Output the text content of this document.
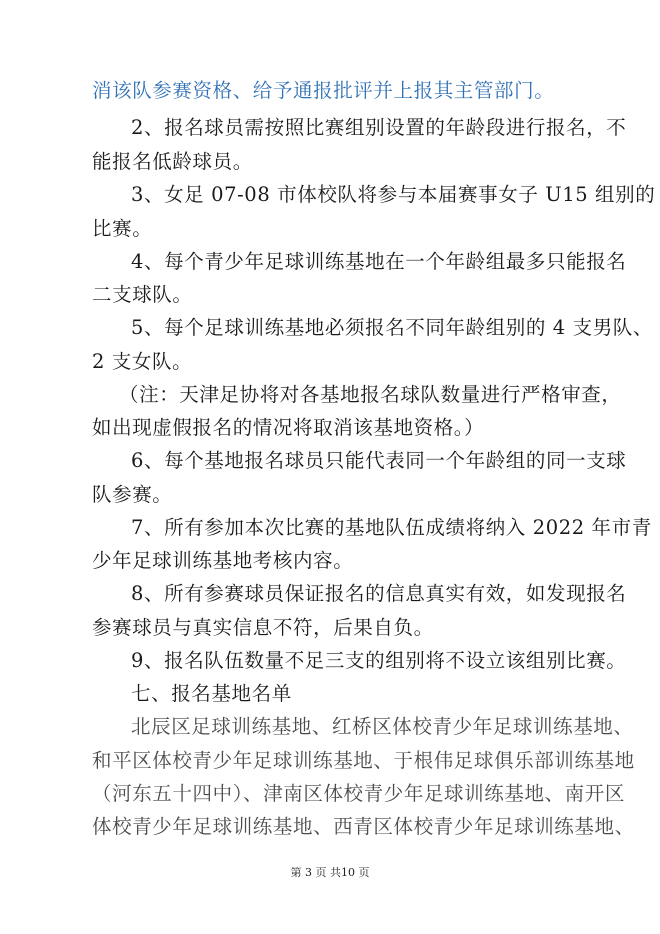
消该队参赛资格、给予通报批评并上报其主管部门。
2、报名球员需按照比赛组别设置的年龄段进行报名，不
能报名低龄球员。
3、女足 07-08 市体校队将参与本届赛事女子 U15 组别的
比赛。
4、每个青少年足球训练基地在一个年龄组最多只能报名
二支球队。
5、每个足球训练基地必须报名不同年龄组别的 4 支男队、
2 支女队。
（注：天津足协将对各基地报名球队数量进行严格审查，
如出现虚假报名的情况将取消该基地资格。）
6、每个基地报名球员只能代表同一个年龄组的同一支球
队参赛。
7、所有参加本次比赛的基地队伍成绩将纳入 2022 年市青
少年足球训练基地考核内容。
8、所有参赛球员保证报名的信息真实有效，如发现报名
参赛球员与真实信息不符，后果自负。
9、报名队伍数量不足三支的组别将不设立该组别比赛。
七、报名基地名单
北辰区足球训练基地、红桥区体校青少年足球训练基地、
和平区体校青少年足球训练基地、于根伟足球俱乐部训练基地
（河东五十四中）、津南区体校青少年足球训练基地、南开区
体校青少年足球训练基地、西青区体校青少年足球训练基地、
第 3 页 共10 页
